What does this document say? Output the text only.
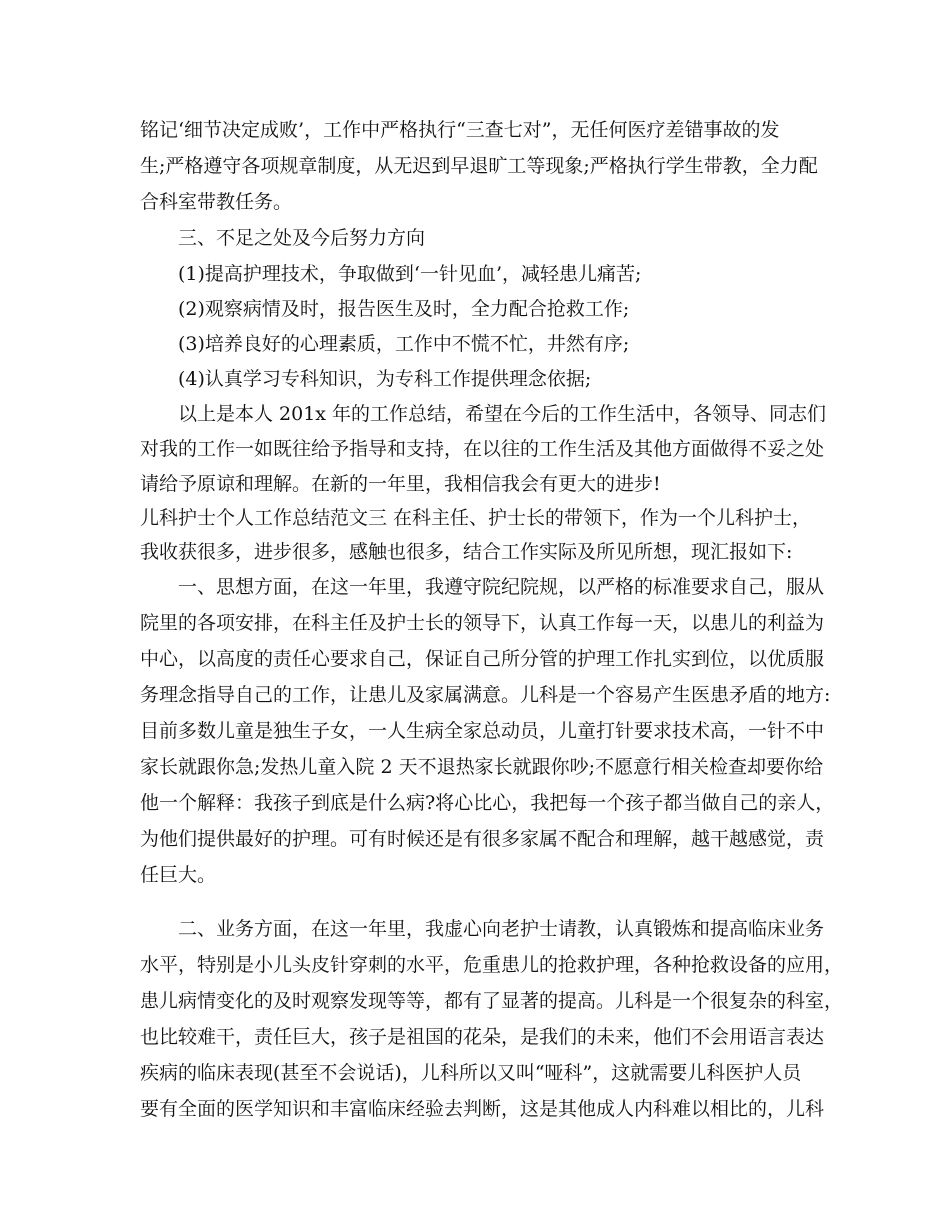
铭记‘细节决定成败’，工作中严格执行“三查七对”，无任何医疗差错事故的发
生;严格遵守各项规章制度，从无迟到早退旷工等现象;严格执行学生带教，全力配
合科室带教任务。
三、不足之处及今后努力方向
(1)提高护理技术，争取做到‘一针见血’，减轻患儿痛苦;
(2)观察病情及时，报告医生及时，全力配合抢救工作;
(3)培养良好的心理素质，工作中不慌不忙，井然有序;
(4)认真学习专科知识，为专科工作提供理念依据;
以上是本人 201x 年的工作总结，希望在今后的工作生活中，各领导、同志们
对我的工作一如既往给予指导和支持，在以往的工作生活及其他方面做得不妥之处
请给予原谅和理解。在新的一年里，我相信我会有更大的进步!
儿科护士个人工作总结范文三 在科主任、护士长的带领下，作为一个儿科护士，
我收获很多，进步很多，感触也很多，结合工作实际及所见所想，现汇报如下:
一、思想方面，在这一年里，我遵守院纪院规，以严格的标准要求自己，服从
院里的各项安排，在科主任及护士长的领导下，认真工作每一天，以患儿的利益为
中心，以高度的责任心要求自己，保证自己所分管的护理工作扎实到位，以优质服
务理念指导自己的工作，让患儿及家属满意。儿科是一个容易产生医患矛盾的地方:
目前多数儿童是独生子女，一人生病全家总动员，儿童打针要求技术高，一针不中
家长就跟你急;发热儿童入院 2 天不退热家长就跟你吵;不愿意行相关检查却要你给
他一个解释：我孩子到底是什么病?将心比心，我把每一个孩子都当做自己的亲人，
为他们提供最好的护理。可有时候还是有很多家属不配合和理解，越干越感觉，责
任巨大。
二、业务方面，在这一年里，我虚心向老护士请教，认真锻炼和提高临床业务
水平，特别是小儿头皮针穿刺的水平，危重患儿的抢救护理，各种抢救设备的应用，
患儿病情变化的及时观察发现等等，都有了显著的提高。儿科是一个很复杂的科室，
也比较难干，责任巨大，孩子是祖国的花朵，是我们的未来，他们不会用语言表达
疾病的临床表现(甚至不会说话)，儿科所以又叫“哑科”，这就需要儿科医护人员
要有全面的医学知识和丰富临床经验去判断，这是其他成人内科难以相比的，儿科
